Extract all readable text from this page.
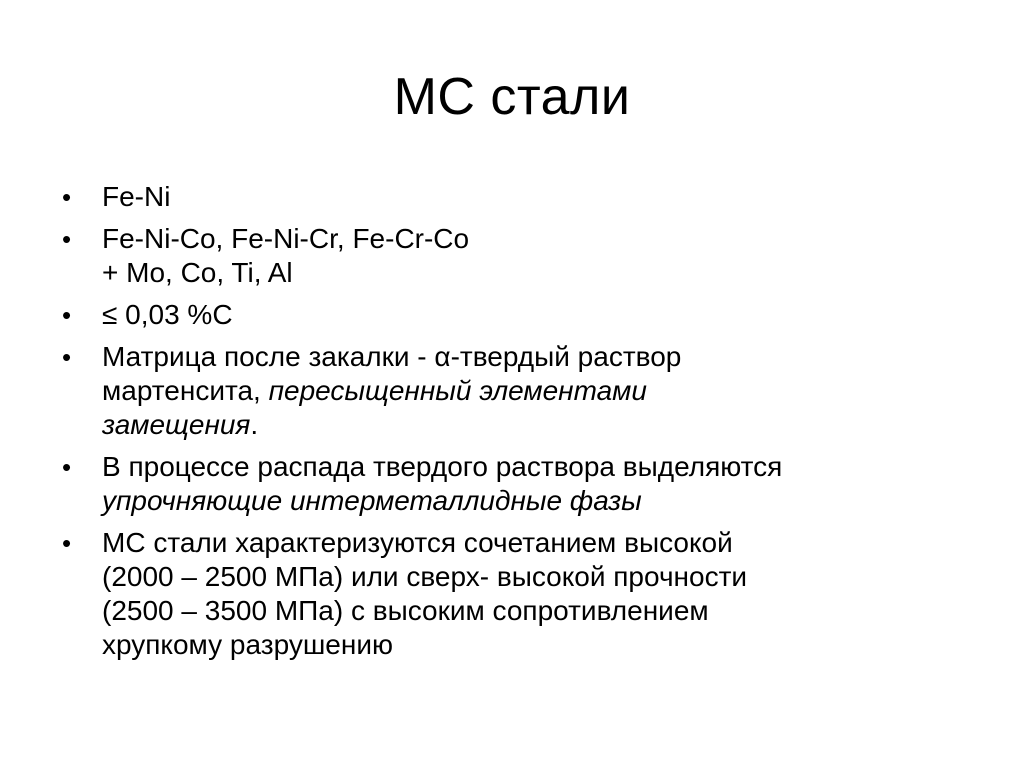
МС стали
•	Fe-Ni
•	Fe-Ni-Co, Fe-Ni-Cr, Fe-Cr-Co
+ Mo, Co, Ti, Al
•	≤ 0,03 %С
•	Матрица после закалки - α-твердый раствор
мартенсита, пересыщенный элементами
замещения.
•	В процессе распада твердого раствора выделяются
упрочняющие интерметаллидные фазы
•	МС стали характеризуются сочетанием высокой
(2000 – 2500 МПа) или сверх- высокой прочности
(2500 – 3500 МПа) с высоким сопротивлением
хрупкому разрушению
